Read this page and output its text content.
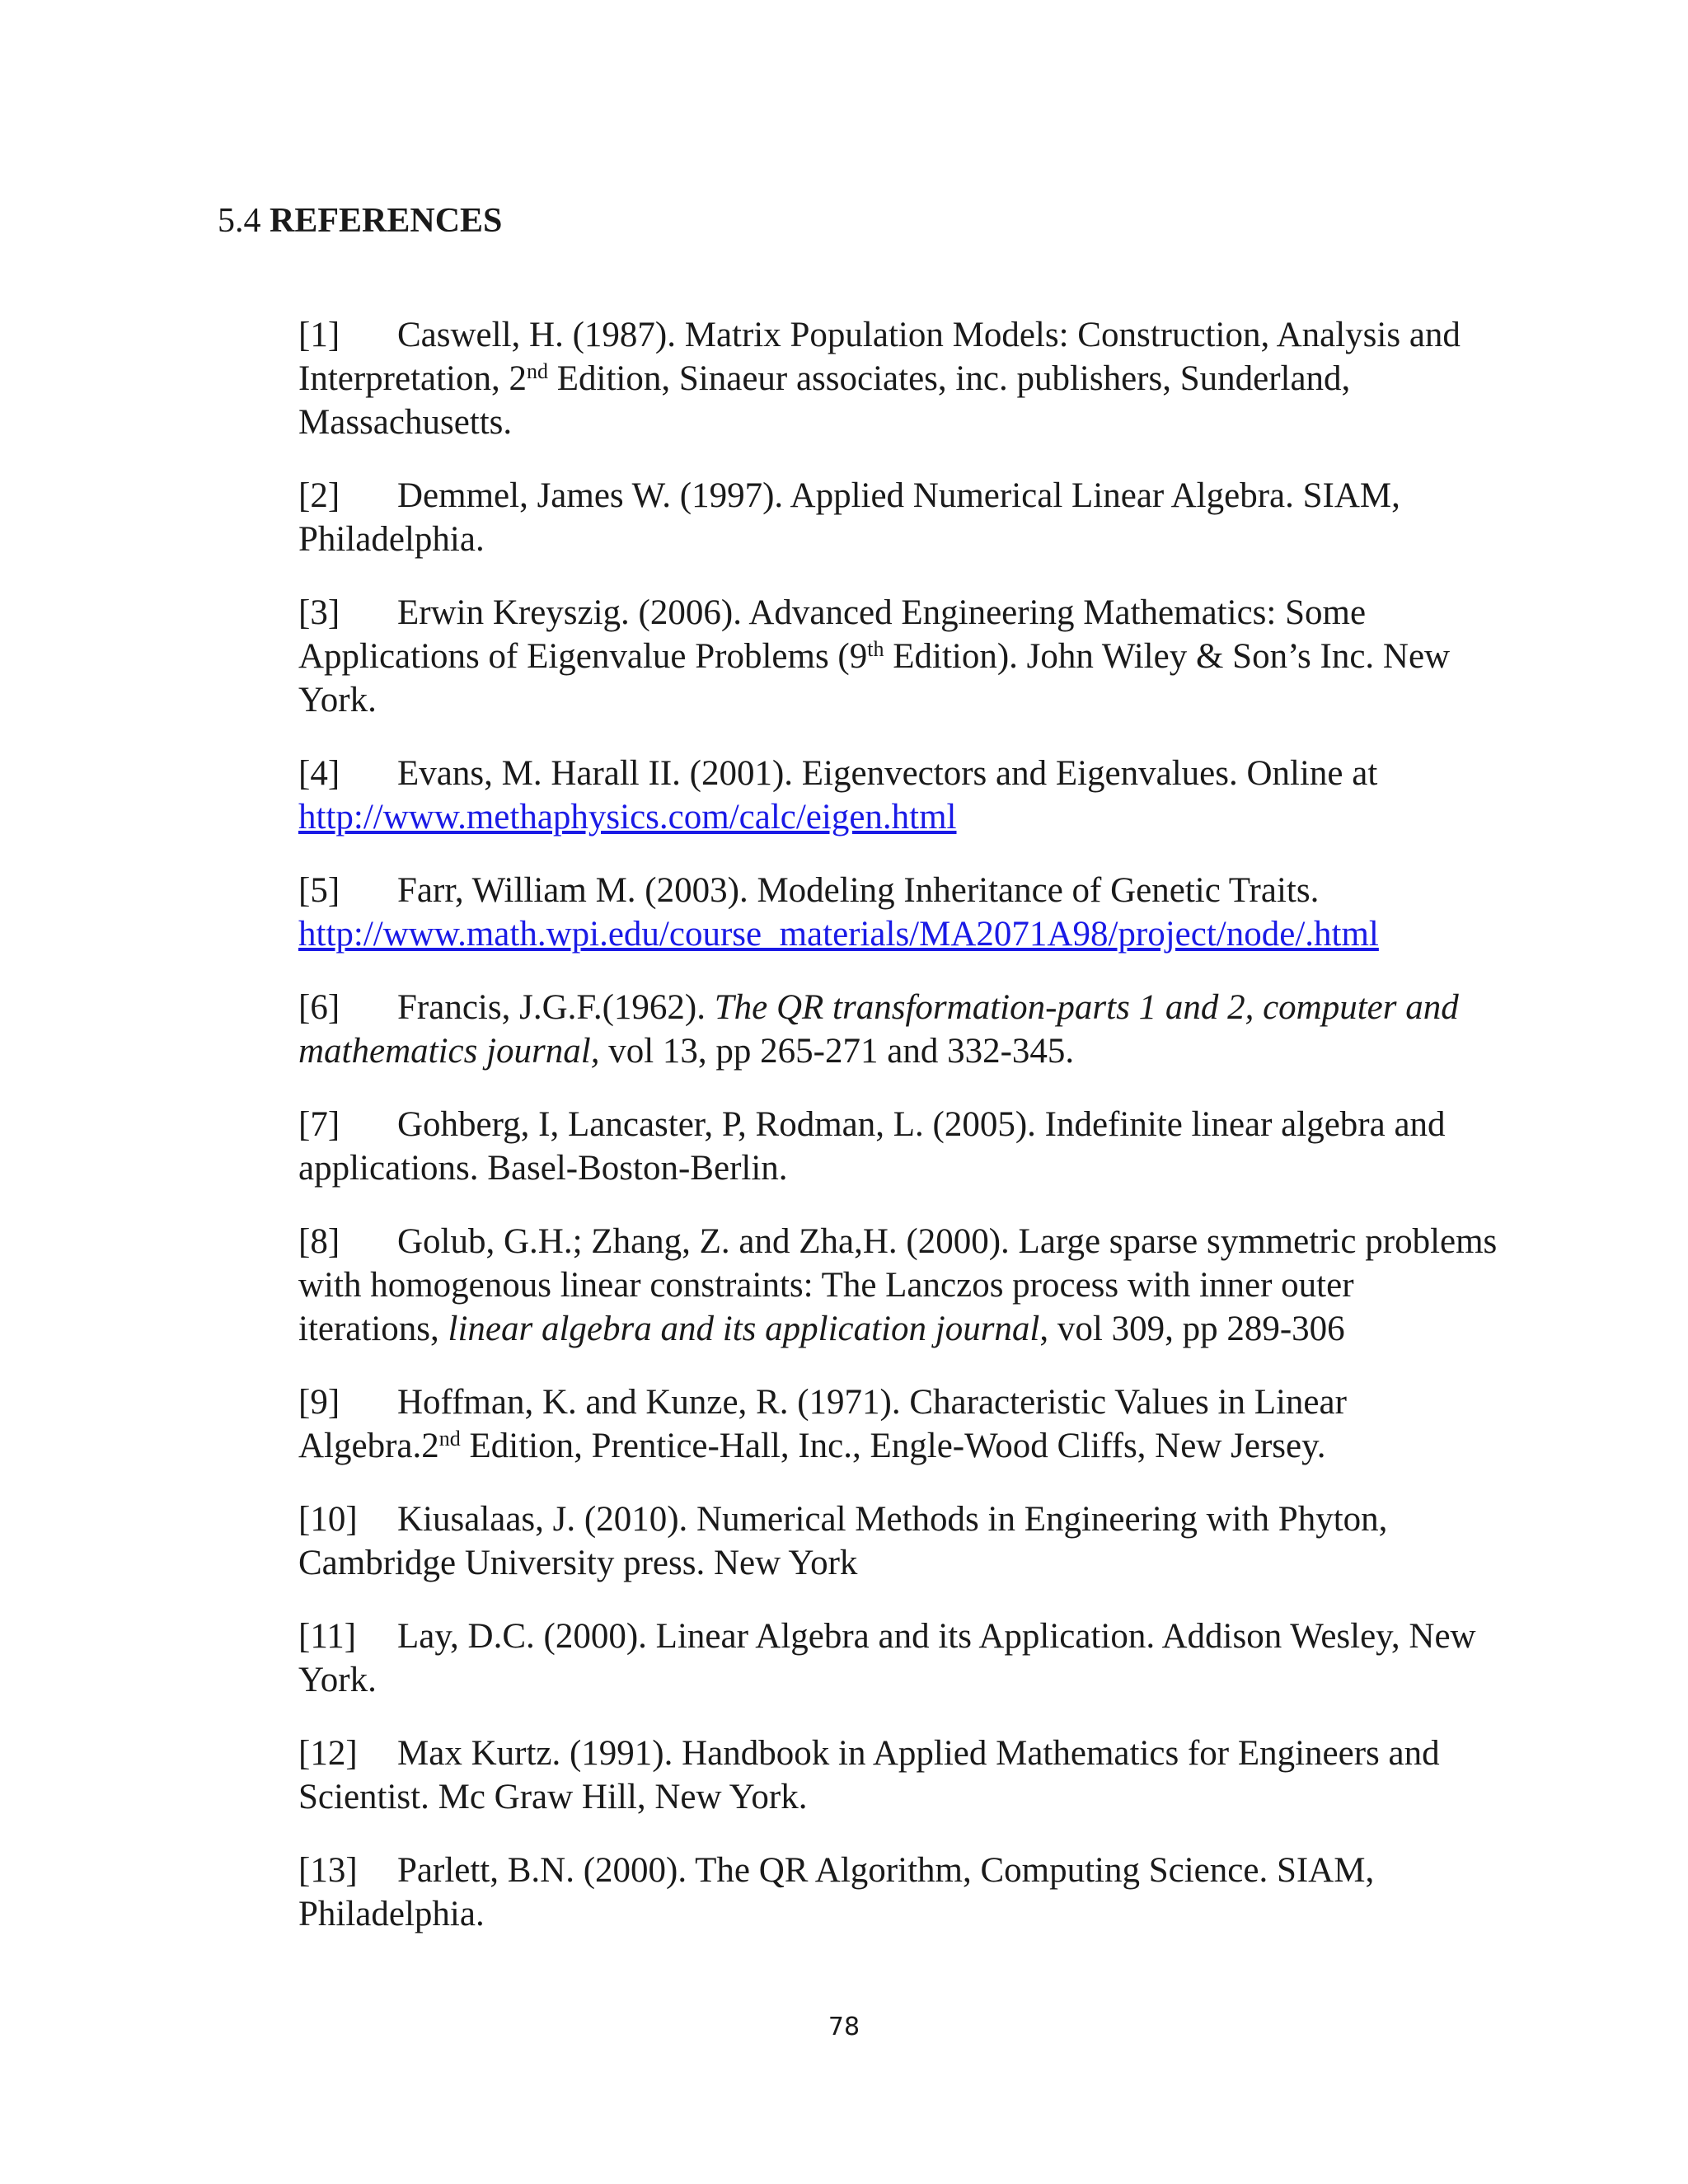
5.4 REFERENCES
[1] Caswell, H. (1987). Matrix Population Models: Construction, Analysis and Interpretation, 2nd Edition, Sinaeur associates, inc. publishers, Sunderland, Massachusetts.
[2] Demmel, James W. (1997). Applied Numerical Linear Algebra. SIAM, Philadelphia.
[3] Erwin Kreyszig. (2006). Advanced Engineering Mathematics: Some Applications of Eigenvalue Problems (9th Edition). John Wiley & Son’s Inc. New York.
[4] Evans, M. Harall II. (2001). Eigenvectors and Eigenvalues. Online at http://www.methaphysics.com/calc/eigen.html
[5] Farr, William M. (2003). Modeling Inheritance of Genetic Traits. http://www.math.wpi.edu/course_materials/MA2071A98/project/node/.html
[6] Francis, J.G.F.(1962). The QR transformation-parts 1 and 2, computer and mathematics journal, vol 13, pp 265-271 and 332-345.
[7] Gohberg, I, Lancaster, P, Rodman, L. (2005). Indefinite linear algebra and applications. Basel-Boston-Berlin.
[8] Golub, G.H.; Zhang, Z. and Zha,H. (2000). Large sparse symmetric problems with homogenous linear constraints: The Lanczos process with inner outer iterations, linear algebra and its application journal, vol 309, pp 289-306
[9] Hoffman, K. and Kunze, R. (1971). Characteristic Values in Linear Algebra.2nd Edition, Prentice-Hall, Inc., Engle-Wood Cliffs, New Jersey.
[10] Kiusalaas, J. (2010). Numerical Methods in Engineering with Phyton, Cambridge University press. New York
[11] Lay, D.C. (2000). Linear Algebra and its Application. Addison Wesley, New York.
[12] Max Kurtz. (1991). Handbook in Applied Mathematics for Engineers and Scientist. Mc Graw Hill, New York.
[13] Parlett, B.N. (2000). The QR Algorithm, Computing Science. SIAM, Philadelphia.
78
